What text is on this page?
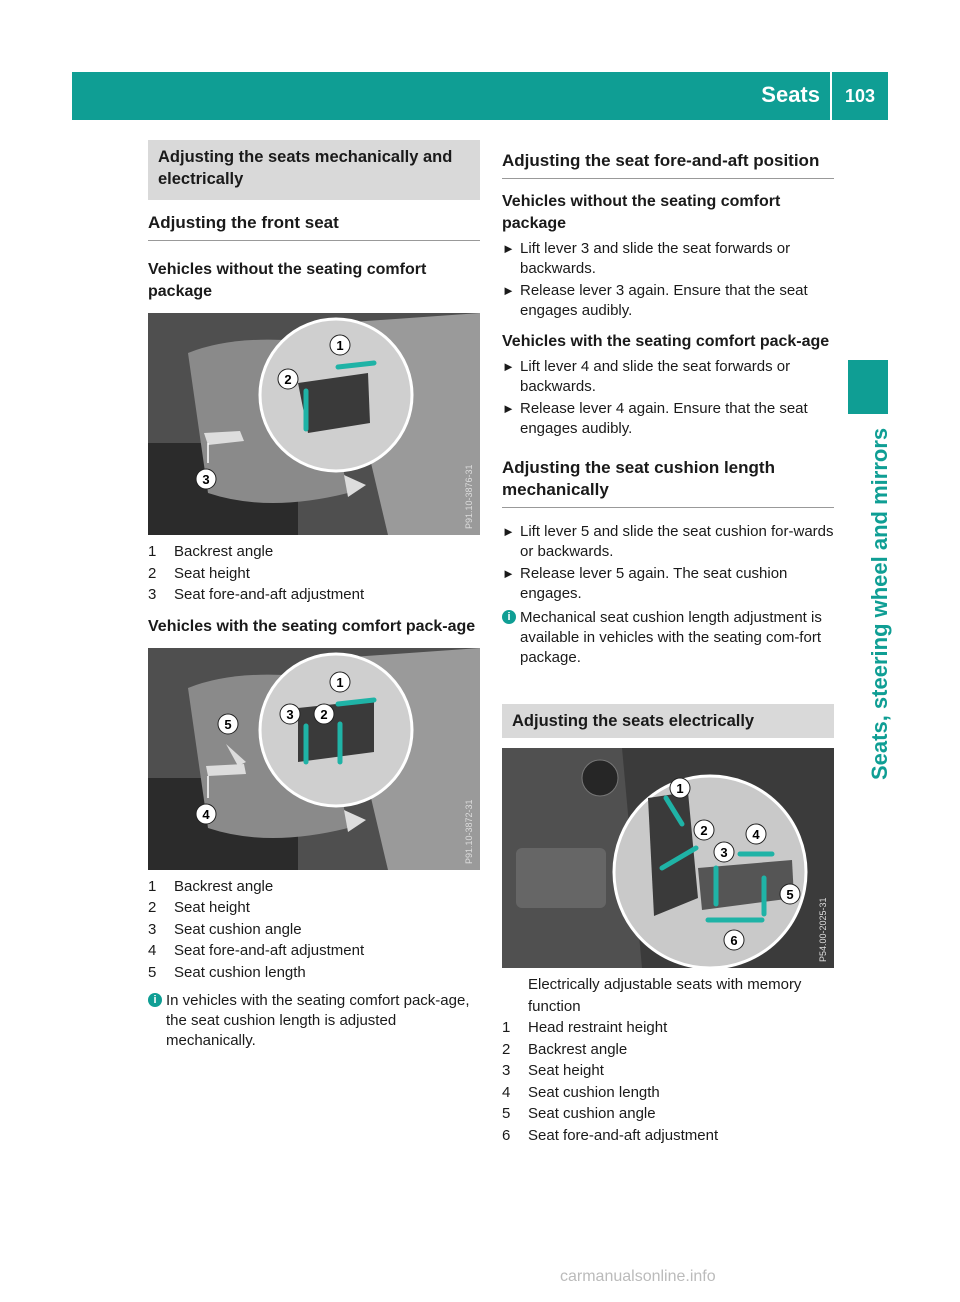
Seats	103
Seats, steering wheel and mirrors
Adjusting the seats mechanically and electrically
Adjusting the front seat
Vehicles without the seating comfort package
1
2
3	P91.10-3876-31
1	Backrest angle
2	Seat height
3	Seat fore-and-aft adjustment
Vehicles with the seating comfort pack-age
1
2
3
4
5
P91.10-3872-31
1	Backrest angle
2	Seat height
3	Seat cushion angle
4	Seat fore-and-aft adjustment
5	Seat cushion length
i In vehicles with the seating comfort pack-age, the seat cushion length is adjusted mechanically.
Adjusting the seat fore-and-aft position
Vehicles without the seating comfort package
► Lift lever 3 and slide the seat forwards or backwards.
► Release lever 3 again. Ensure that the seat engages audibly.
Vehicles with the seating comfort pack-age
► Lift lever 4 and slide the seat forwards or backwards.
► Release lever 4 again. Ensure that the seat engages audibly.
Adjusting the seat cushion length mechanically
► Lift lever 5 and slide the seat cushion for-wards or backwards.
► Release lever 5 again. The seat cushion engages.
i Mechanical seat cushion length adjustment is available in vehicles with the seating com-fort package.
Adjusting the seats electrically
1
2
3
4
5
6	P54.00-2025-31
Electrically adjustable seats with memory function
1	Head restraint height
2	Backrest angle
3	Seat height
4	Seat cushion length
5	Seat cushion angle
6	Seat fore-and-aft adjustment
carmanualsonline.info
